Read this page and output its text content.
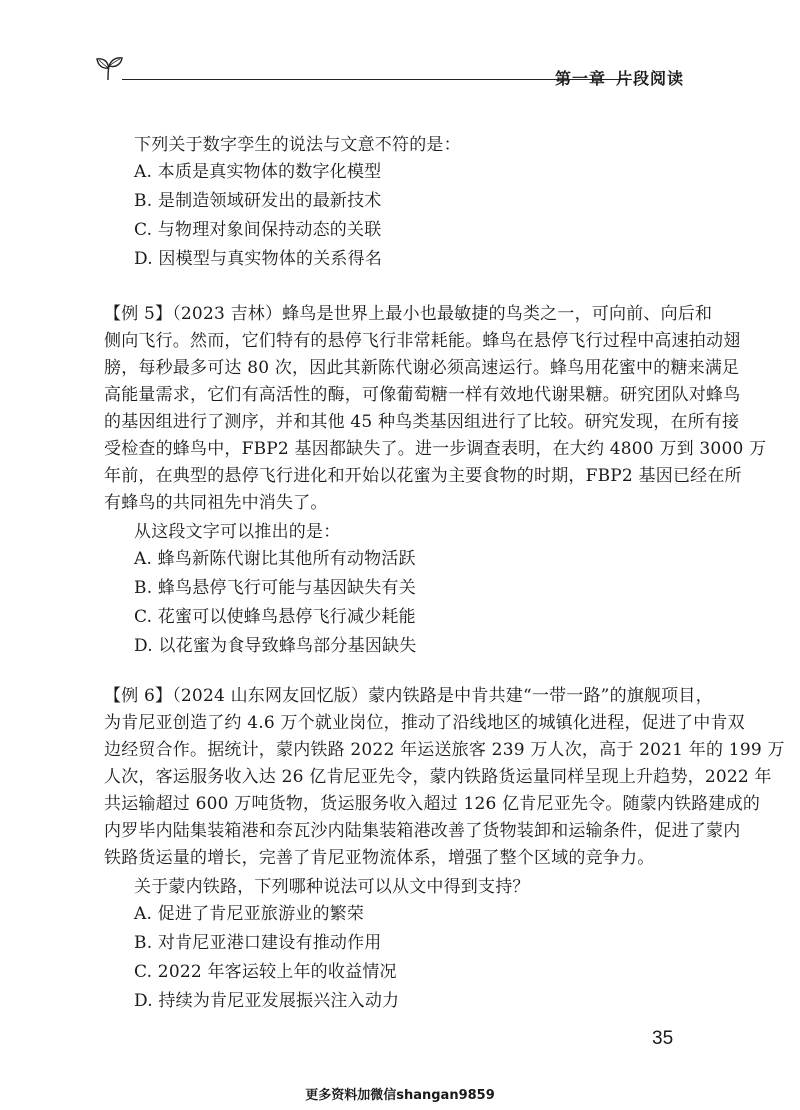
第一章 片段阅读
下列关于数字孪生的说法与文意不符的是：
A. 本质是真实物体的数字化模型
B. 是制造领域研发出的最新技术
C. 与物理对象间保持动态的关联
D. 因模型与真实物体的关系得名
【例 5】（2023 吉林）蜂鸟是世界上最小也最敏捷的鸟类之一，可向前、向后和
侧向飞行。然而，它们特有的悬停飞行非常耗能。蜂鸟在悬停飞行过程中高速拍动翅
膀，每秒最多可达 80 次，因此其新陈代谢必须高速运行。蜂鸟用花蜜中的糖来满足
高能量需求，它们有高活性的酶，可像葡萄糖一样有效地代谢果糖。研究团队对蜂鸟
的基因组进行了测序，并和其他 45 种鸟类基因组进行了比较。研究发现，在所有接
受检查的蜂鸟中，FBP2 基因都缺失了。进一步调查表明，在大约 4800 万到 3000 万
年前，在典型的悬停飞行进化和开始以花蜜为主要食物的时期，FBP2 基因已经在所
有蜂鸟的共同祖先中消失了。
从这段文字可以推出的是：
A. 蜂鸟新陈代谢比其他所有动物活跃
B. 蜂鸟悬停飞行可能与基因缺失有关
C. 花蜜可以使蜂鸟悬停飞行减少耗能
D. 以花蜜为食导致蜂鸟部分基因缺失
【例 6】（2024 山东网友回忆版）蒙内铁路是中肯共建“一带一路”的旗舰项目，
为肯尼亚创造了约 4.6 万个就业岗位，推动了沿线地区的城镇化进程，促进了中肯双
边经贸合作。据统计，蒙内铁路 2022 年运送旅客 239 万人次，高于 2021 年的 199 万
人次，客运服务收入达 26 亿肯尼亚先令，蒙内铁路货运量同样呈现上升趋势，2022 年
共运输超过 600 万吨货物，货运服务收入超过 126 亿肯尼亚先令。随蒙内铁路建成的
内罗毕内陆集装箱港和奈瓦沙内陆集装箱港改善了货物装卸和运输条件，促进了蒙内
铁路货运量的增长，完善了肯尼亚物流体系，增强了整个区域的竞争力。
关于蒙内铁路，下列哪种说法可以从文中得到支持？
A. 促进了肯尼亚旅游业的繁荣
B. 对肯尼亚港口建设有推动作用
C. 2022 年客运较上年的收益情况
D. 持续为肯尼亚发展振兴注入动力
35
更多资料加微信shangan9859
